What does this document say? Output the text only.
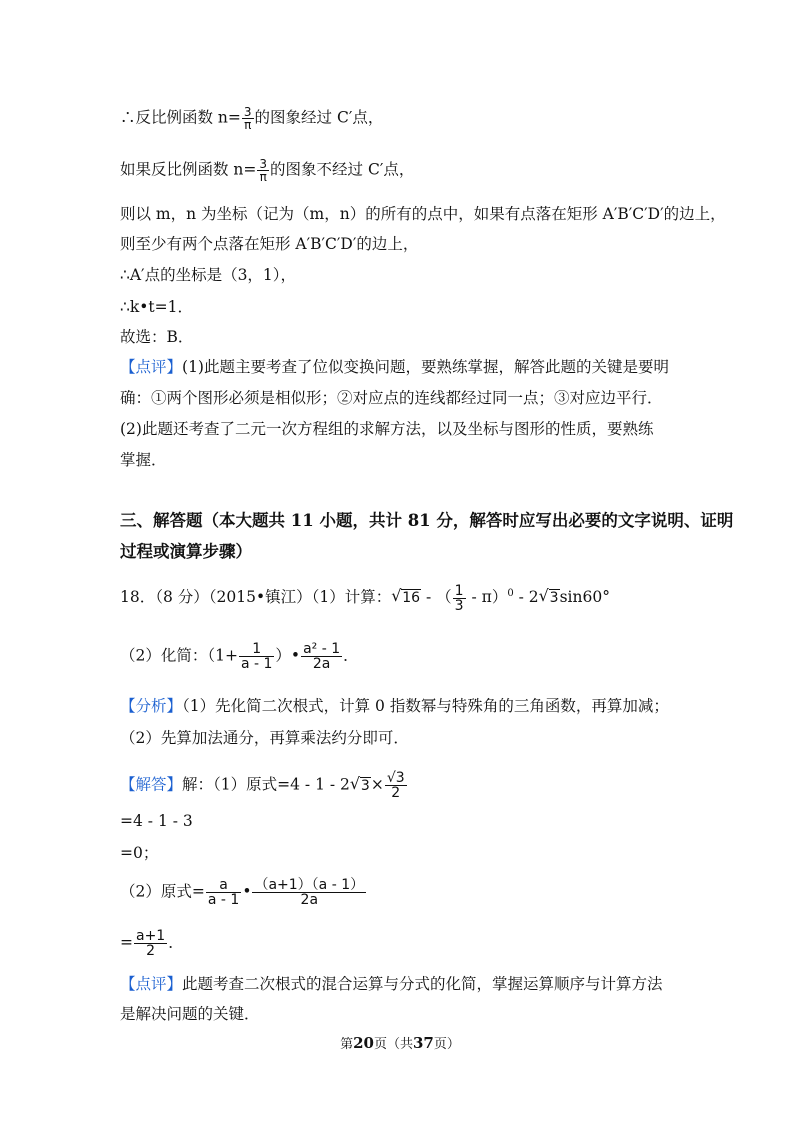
∴反比例函数 $n= \frac{3}{\pi}$ 的图象经过 C′点，
如果反比例函数 $n= \frac{3}{\pi}$ 的图象不经过 C′点，
则以 m，n 为坐标（记为（m，n）的所有的点中，如果有点落在矩形 A′B′C′D′的边上，
则至少有两个点落在矩形 A′B′C′D′的边上，
∴A′点的坐标是（3，1），
∴k•t=1．
故选：B．
【点评】(1)此题主要考查了位似变换问题，要熟练掌握，解答此题的关键是要明
确：①两个图形必须是相似形；②对应点的连线都经过同一点；③对应边平行．
(2)此题还考查了二元一次方程组的求解方法，以及坐标与图形的性质，要熟练
掌握．
三、解答题（本大题共 11 小题，共计 81 分，解答时应写出必要的文字说明、证明
过程或演算步骤）
18．（8 分）（2015•镇江）（1）计算：√ 16 - （ $\frac{1}{3} - \pi)^0 - 2√$ 3sin60°
（2）化简：（$1+ \frac{1}{a - 1}$ ）• $\frac{\text{a² - 1}}{2a}$ ．
【分析】（1）先化简二次根式，计算 0 指数幂与特殊角的三角函数，再算加减；
（2）先算加法通分，再算乘法约分即可．
【解答】解：（1）原式=4 - 1 - 2√ $3\times \frac{√3}{2}$
=4 - 1 - 3
=0；
（2）原式= $\frac{a}{a - 1}$ • $\frac{(a+1)(a - 1)}{2a}$
= $\frac{a+1}{2}$ ．
【点评】此题考查二次根式的混合运算与分式的化简，掌握运算顺序与计算方法
是解决问题的关键．
第20页（共37页）
